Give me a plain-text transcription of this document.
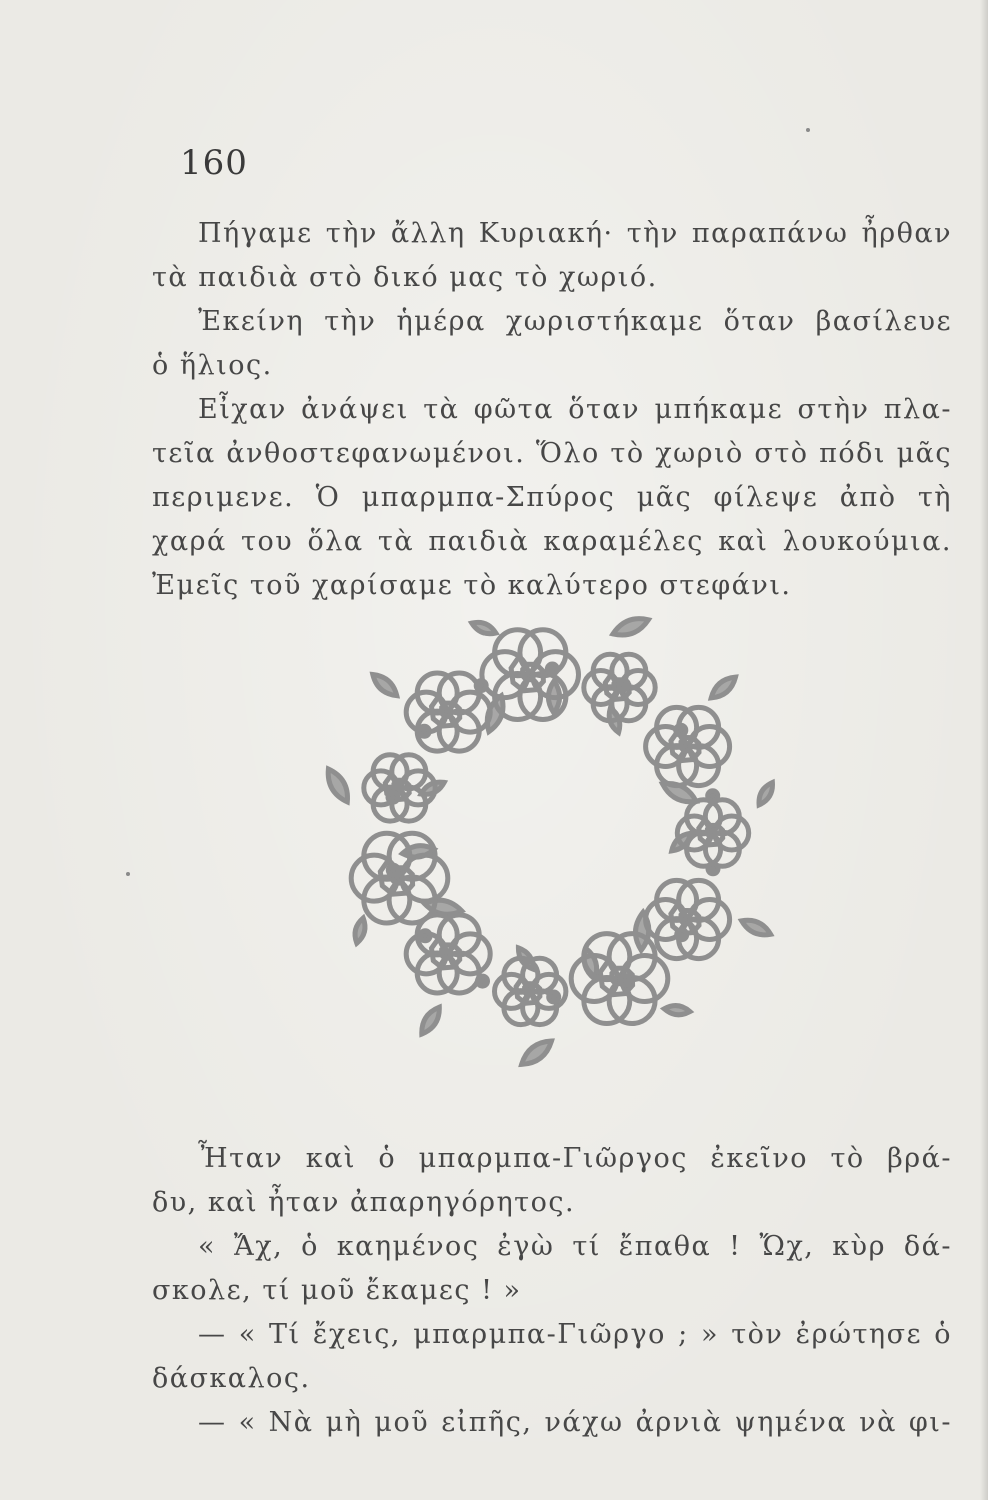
160
Πήγαμε τὴν ἄλλη Κυριακή· τὴν παραπάνω ἦρθαν
τὰ παιδιὰ στὸ δικό μας τὸ χωριό.
Ἐκείνη τὴν ἡμέρα χωριστήκαμε ὅταν βασίλευε
ὁ ἥλιος.
Εἶχαν ἀνάψει τὰ φῶτα ὅταν μπήκαμε στὴν πλα-
τεῖα ἀνθοστεφανωμένοι. Ὅλο τὸ χωριὸ στὸ πόδι μᾶς
περιμενε. Ὁ μπαρμπα-Σπύρος μᾶς φίλεψε ἀπὸ τὴ
χαρά του ὅλα τὰ παιδιὰ καραμέλες καὶ λουκούμια.
Ἐμεῖς τοῦ χαρίσαμε τὸ καλύτερο στεφάνι.
Ἦταν καὶ ὁ μπαρμπα-Γιῶργος ἐκεῖνο τὸ βρά-
δυ, καὶ ἦταν ἀπαρηγόρητος.
« Ἄχ, ὁ καημένος ἐγὼ τί ἔπαθα ! Ὤχ, κὺρ δά-
σκολε, τί μοῦ ἔκαμες ! »
— « Τί ἔχεις, μπαρμπα-Γιῶργο ; » τὸν ἐρώτησε ὁ
δάσκαλος.
— « Νὰ μὴ μοῦ εἰπῆς, νάχω ἀρνιὰ ψημένα νὰ φι-
